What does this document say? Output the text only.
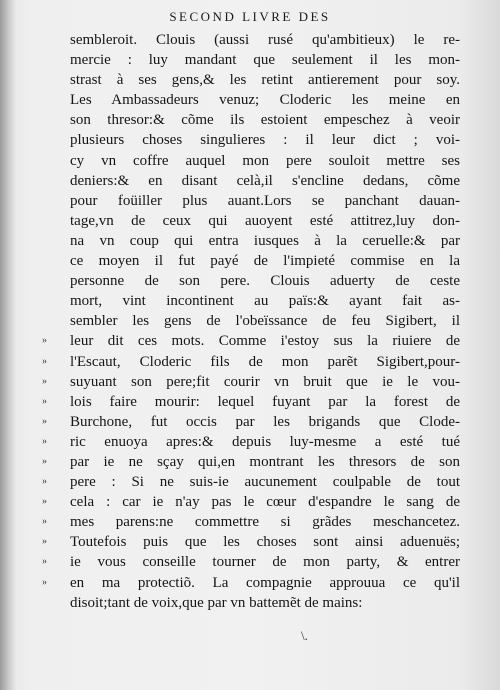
SECOND LIVRE DES
sembleroit. Clouis (aussi rusé qu'ambitieux) le re-
mercie : luy mandant que seulement il les mon-
strast à ses gens,& les retint antierement pour soy.
Les Ambassadeurs venuz; Cloderic les meine en
son thresor:& cõme ils estoient empeschez à veoir
plusieurs choses singulieres : il leur dict ; voi-
cy vn coffre auquel mon pere souloit mettre ses
deniers:& en disant celà,il s'encline dedans, cõme
pour foüiller plus auant.Lors se panchant dauan-
tage,vn de ceux qui auoyent esté attitrez,luy don-
na vn coup qui entra iusques à la ceruelle:& par
ce moyen il fut payé de l'impieté commise en la
personne de son pere. Clouis aduerty de ceste
mort, vint incontinent au païs:& ayant fait as-
sembler les gens de l'obeïssance de feu Sigibert, il
» leur dit ces mots. Comme i'estoy sus la riuiere de
» l'Escaut, Cloderic fils de mon parẽt Sigibert,pour-
» suyuant son pere;fit courir vn bruit que ie le vou-
» lois faire mourir: lequel fuyant par la forest de
» Burchone, fut occis par les brigands que Clode-
» ric enuoya apres:& depuis luy-mesme a esté tué
» par ie ne sçay qui,en montrant les thresors de son
» pere : Si ne suis-ie aucunement coulpable de tout
» cela : car ie n'ay pas le cœur d'espandre le sang de
» mes parens:ne commettre si grãdes meschancetez.
» Toutefois puis que les choses sont ainsi aduenuës;
» ie vous conseille tourner de mon party, & entrer
» en ma protectiõ. La compagnie approuua ce qu'il
disoit;tant de voix,que par vn battemẽt de mains:
\.
